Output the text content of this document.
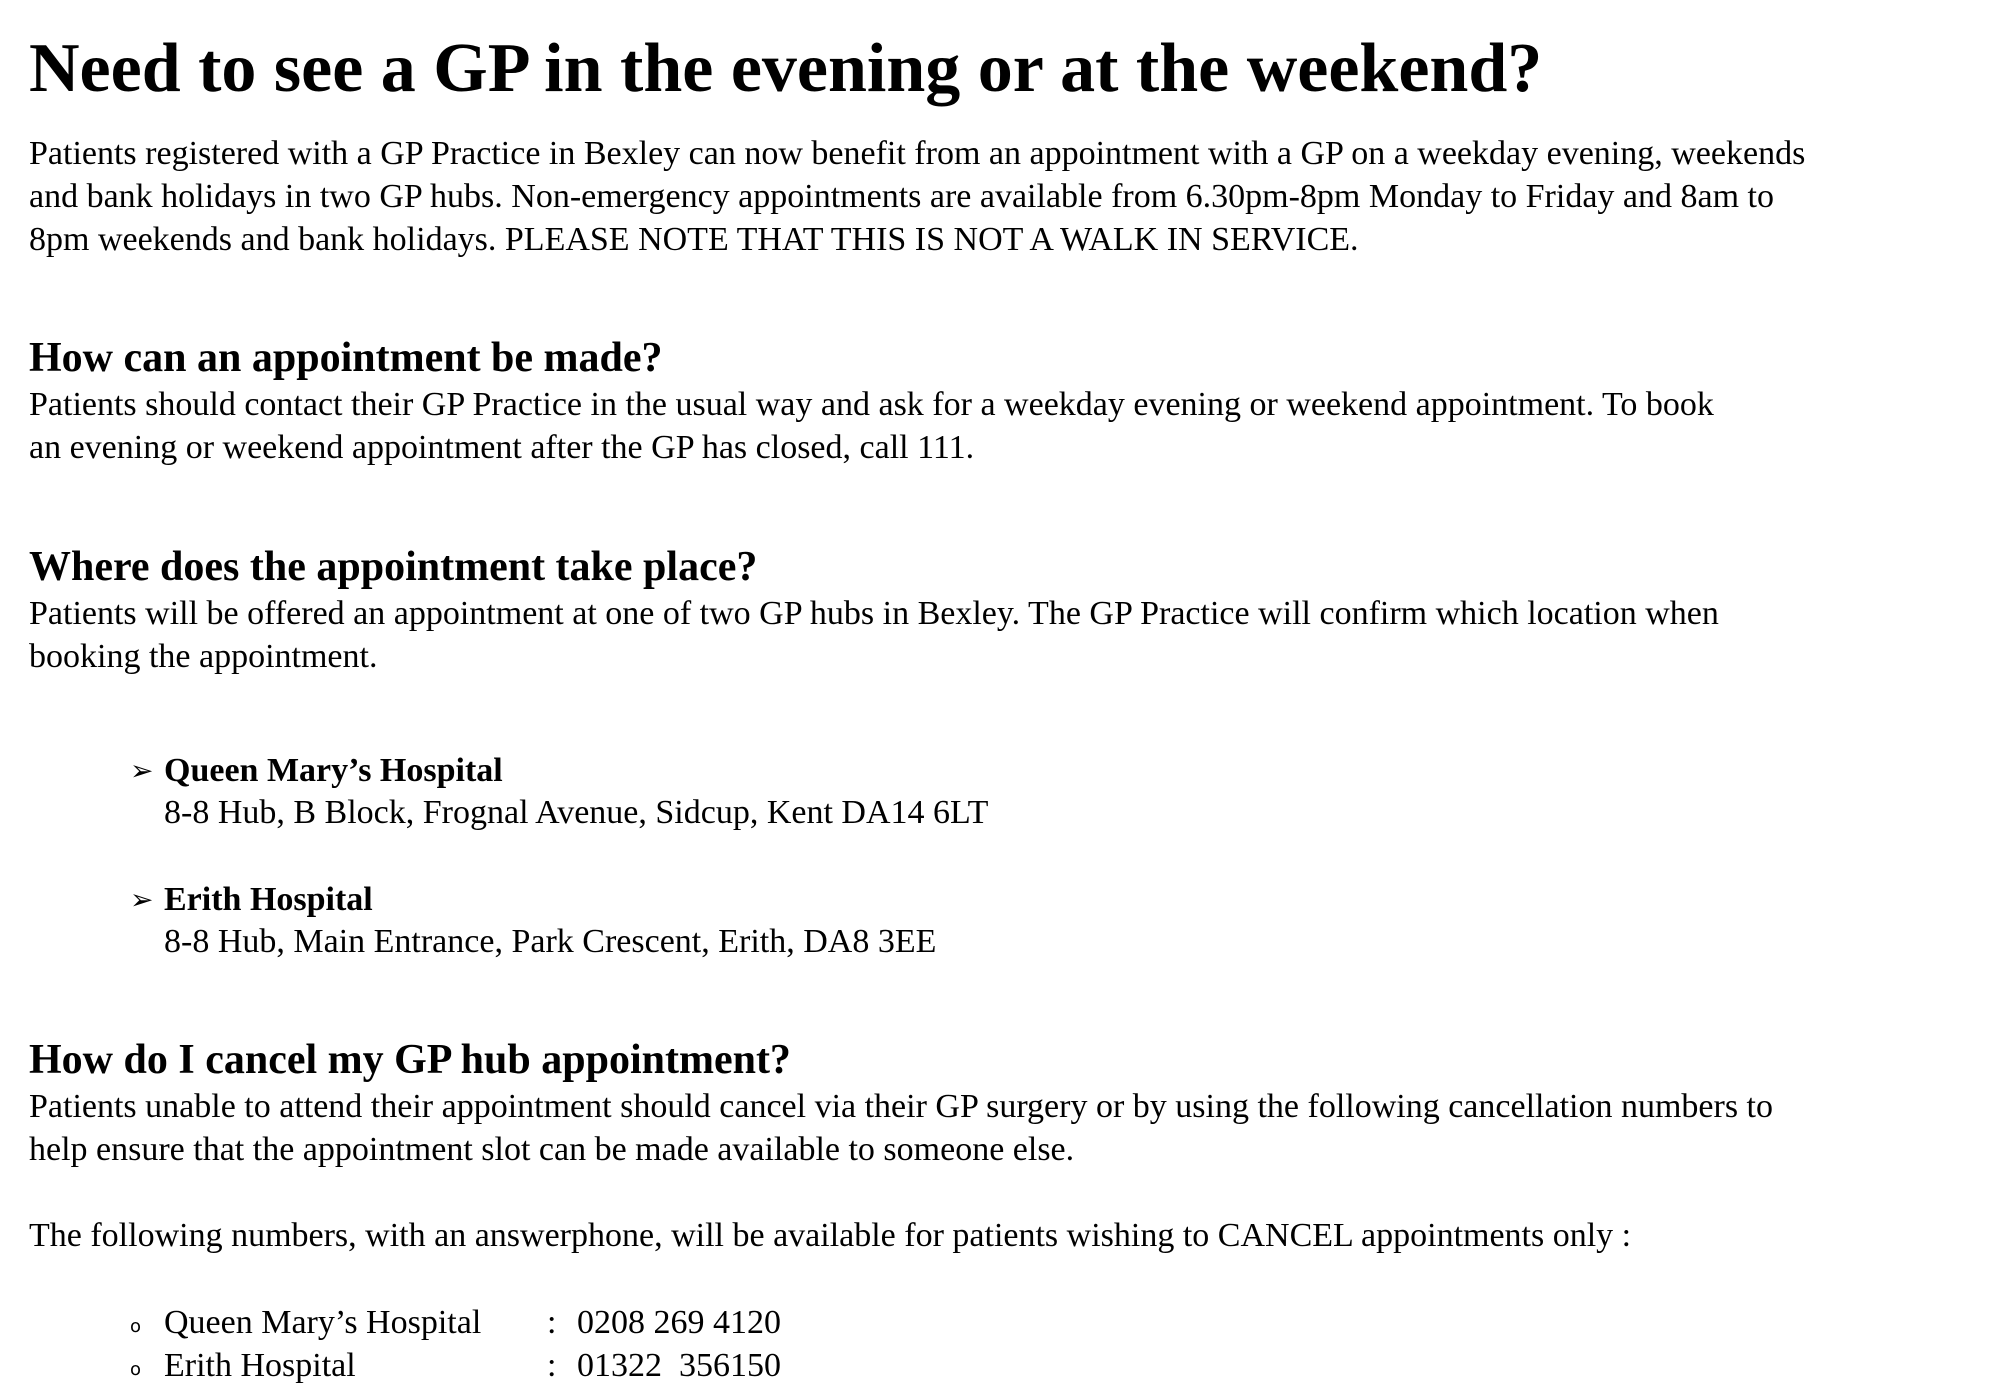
Need to see a GP in the evening or at the weekend?

Patients registered with a GP Practice in Bexley can now benefit from an appointment with a GP on a weekday evening, weekends

and bank holidays in two GP hubs. Non-emergency appointments are available from 6.30pm-8pm Monday to Friday and 8am to

8pm weekends and bank holidays. PLEASE NOTE THAT THIS IS NOT A WALK IN SERVICE.

How can an appointment be made?

Patients should contact their GP Practice in the usual way and ask for a weekday evening or weekend appointment. To book

an evening or weekend appointment after the GP has closed, call 111.

Where does the appointment take place?

Patients will be offered an appointment at one of two GP hubs in Bexley. The GP Practice will confirm which location when

booking the appointment.

➢ Queen Mary’s Hospital
8-8 Hub, B Block, Frognal Avenue, Sidcup, Kent DA14 6LT
➢ Erith Hospital
8-8 Hub, Main Entrance, Park Crescent, Erith, DA8 3EE
How do I cancel my GP hub appointment?

Patients unable to attend their appointment should cancel via their GP surgery or by using the following cancellation numbers to

help ensure that the appointment slot can be made available to someone else.

The following numbers, with an answerphone, will be available for patients wishing to CANCEL appointments only :

o Queen Mary’s Hospital : 0208 269 4120
o Erith Hospital	: 01322  356150
